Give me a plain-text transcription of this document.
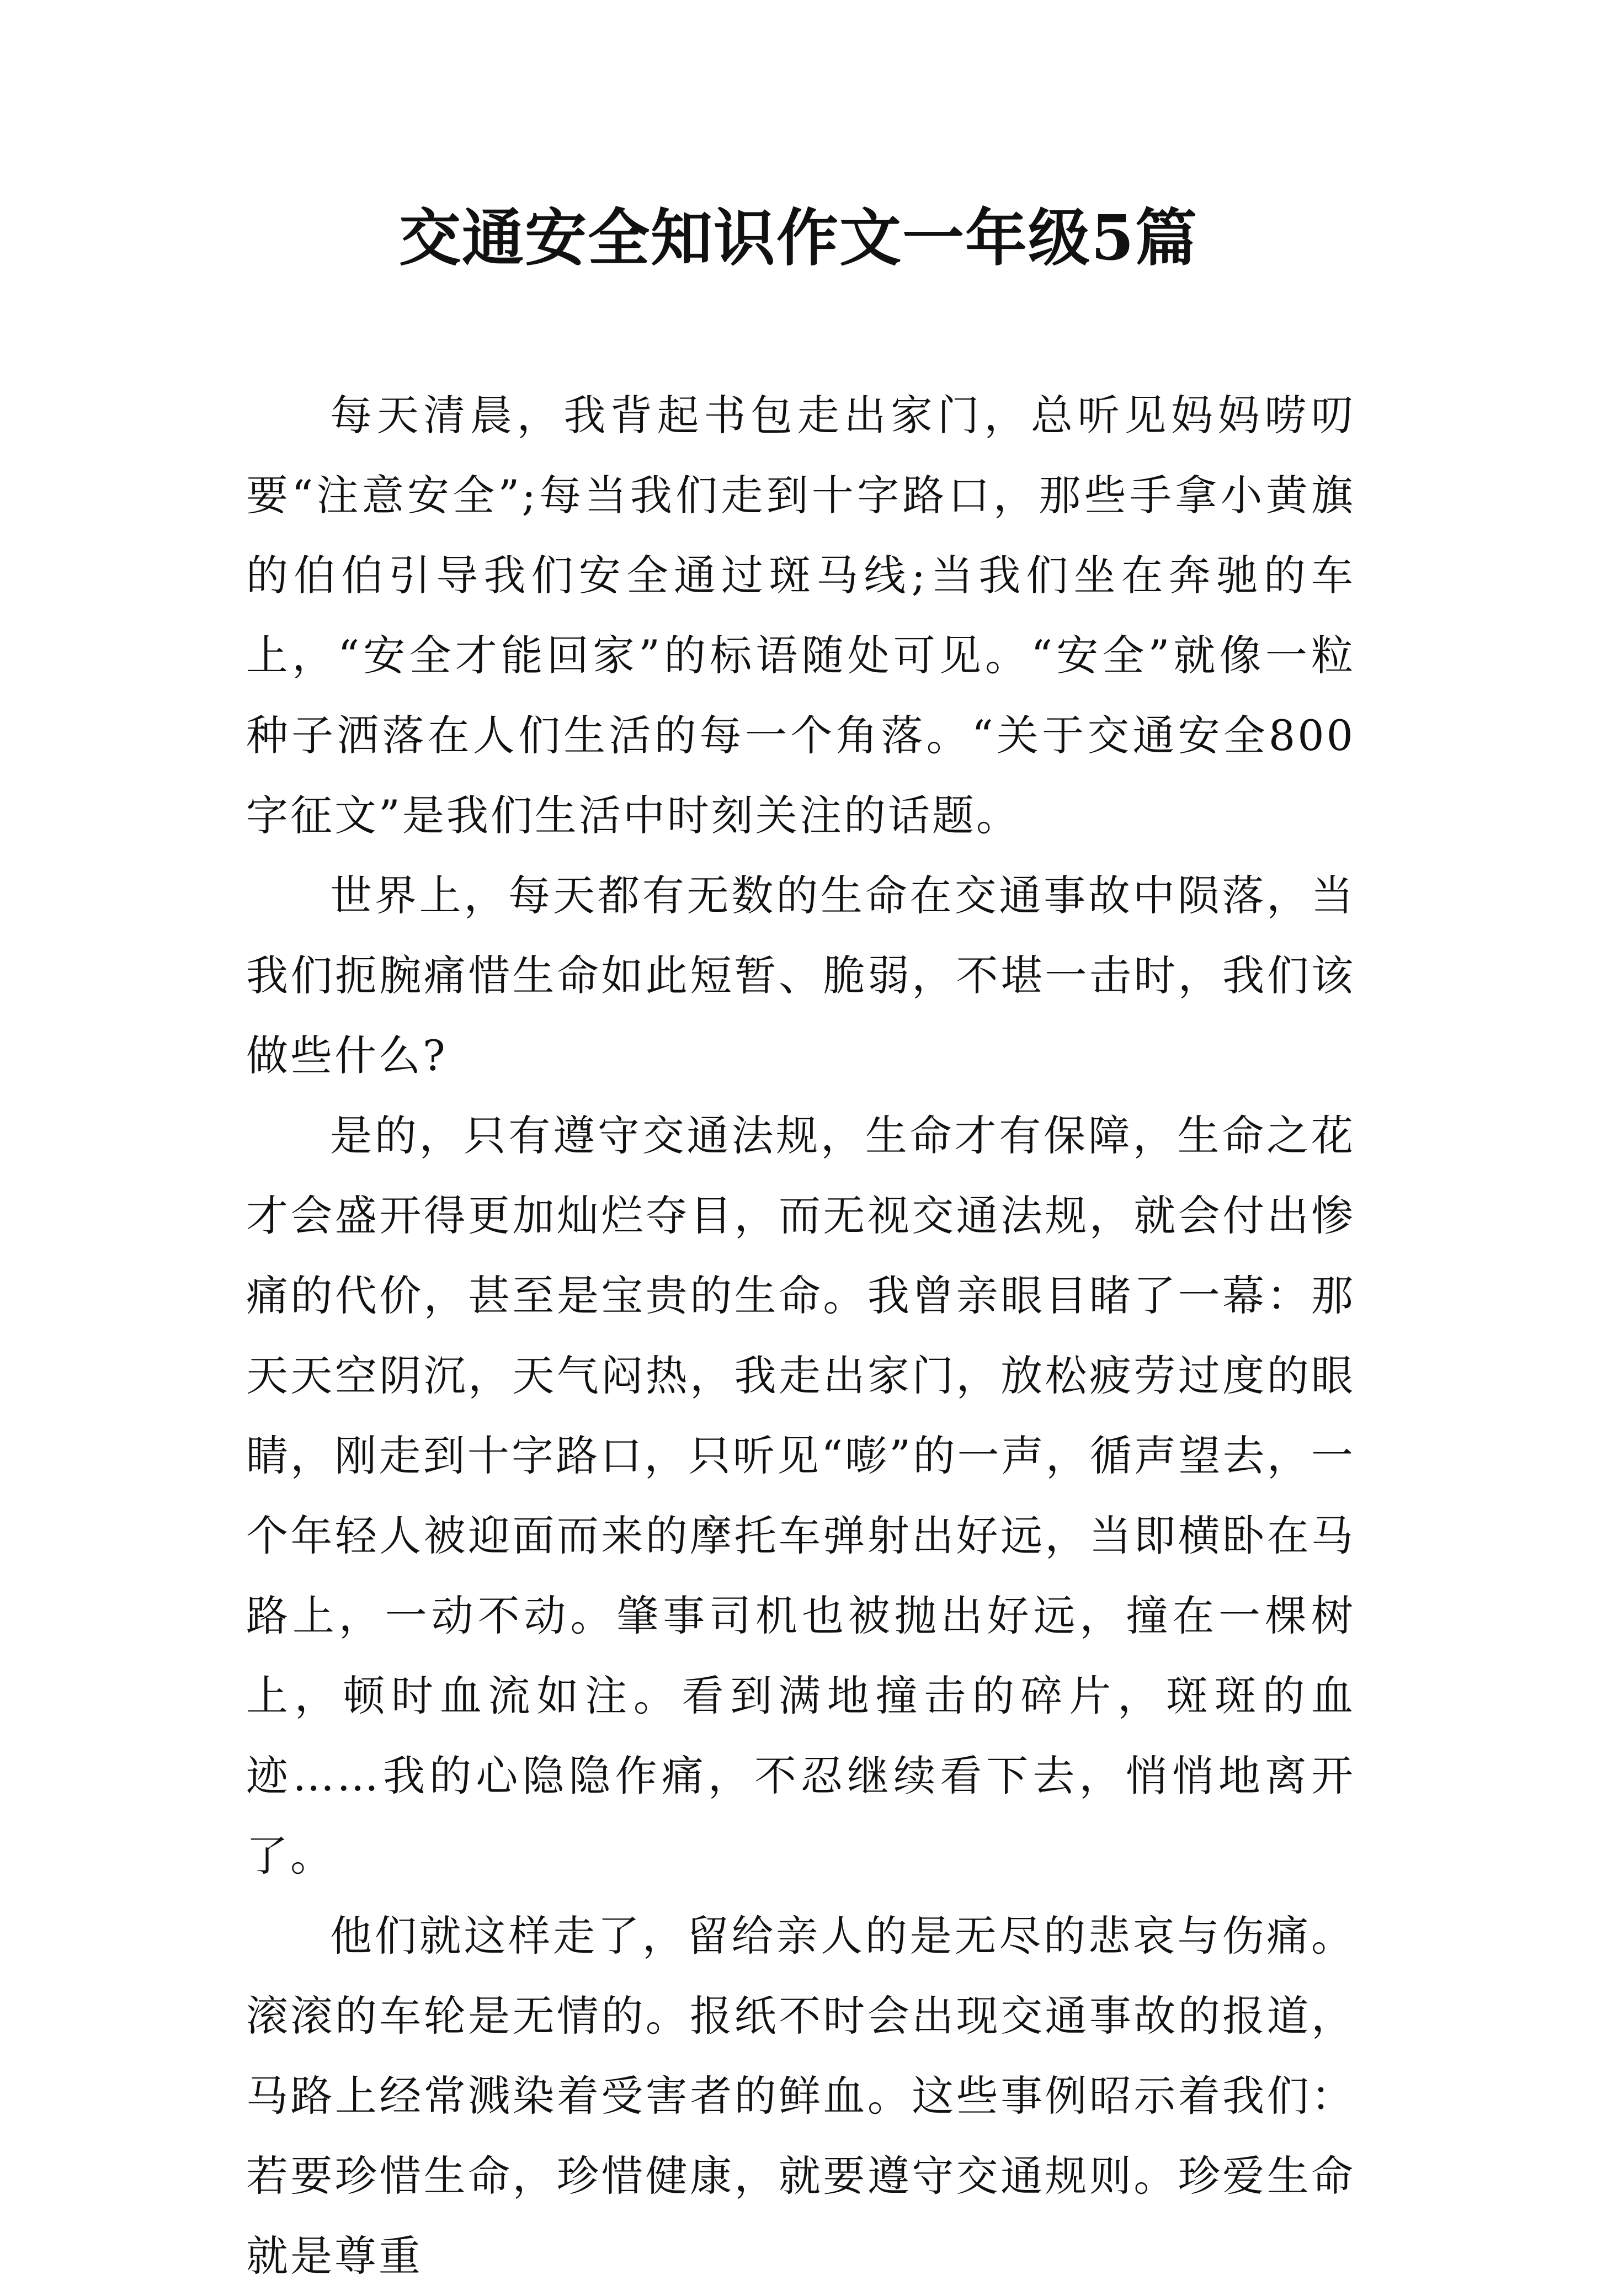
交通安全知识作文一年级5篇

每天清晨，我背起书包走出家门，总听见妈妈唠叨要“注意安全”;每当我们走到十字路口，那些手拿小黄旗的伯伯引导我们安全通过斑马线;当我们坐在奔驰的车上，“安全才能回家”的标语随处可见。“安全”就像一粒种子洒落在人们生活的每一个角落。“关于交通安全800字征文”是我们生活中时刻关注的话题。

世界上，每天都有无数的生命在交通事故中陨落，当我们扼腕痛惜生命如此短暂、脆弱，不堪一击时，我们该做些什么?

是的，只有遵守交通法规，生命才有保障，生命之花才会盛开得更加灿烂夺目，而无视交通法规，就会付出惨痛的代价，甚至是宝贵的生命。我曾亲眼目睹了一幕：那天天空阴沉，天气闷热，我走出家门，放松疲劳过度的眼睛，刚走到十字路口，只听见“嘭”的一声，循声望去，一个年轻人被迎面而来的摩托车弹射出好远，当即横卧在马路上，一动不动。肇事司机也被抛出好远，撞在一棵树上，顿时血流如注。看到满地撞击的碎片，斑斑的血迹……我的心隐隐作痛，不忍继续看下去，悄悄地离开了。

他们就这样走了，留给亲人的是无尽的悲哀与伤痛。滚滚的车轮是无情的。报纸不时会出现交通事故的报道，马路上经常溅染着受害者的鲜血。这些事例昭示着我们：若要珍惜生命，珍惜健康，就要遵守交通规则。珍爱生命就是尊重
